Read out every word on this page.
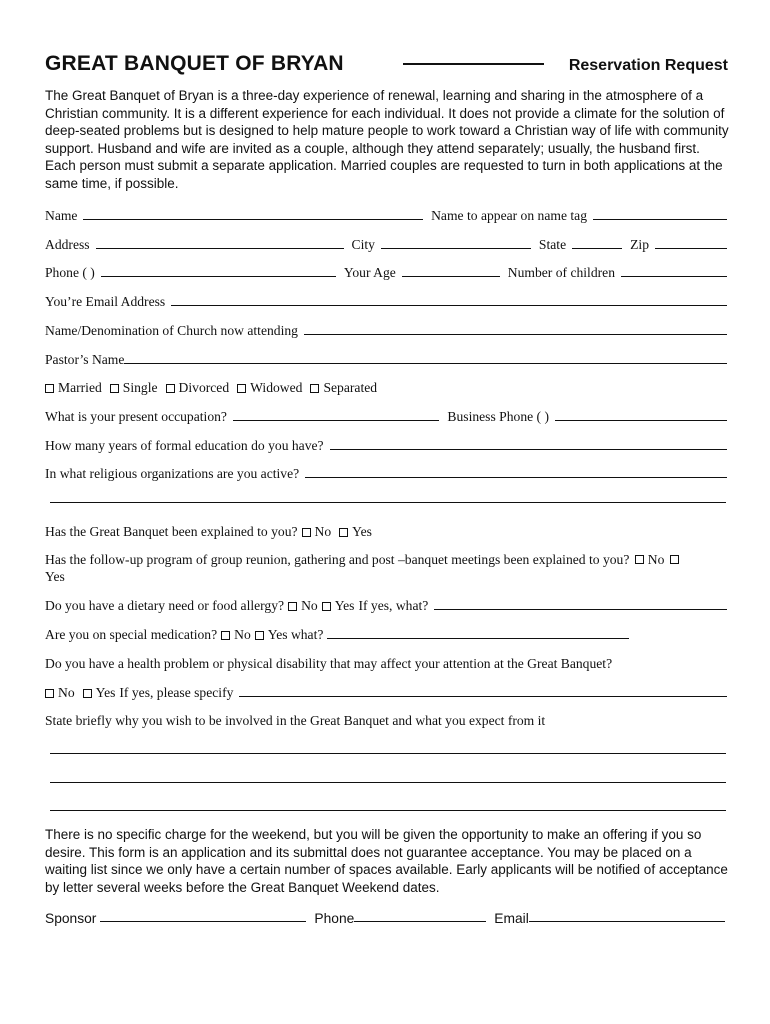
GREAT BANQUET OF BRYAN	Reservation Request

The Great Banquet of Bryan is a three-day experience of renewal, learning and sharing in the atmosphere of a Christian community. It is a different experience for each individual. It does not provide a climate for the solution of deep-seated problems but is designed to help mature people to work toward a Christian way of life with community support. Husband and wife are invited as a couple, although they attend separately; usually, the husband first. Each person must submit a separate application. Married couples are requested to turn in both applications at the same time, if possible.

Name	Name to appear on name tag
Address	City	State	Zip
Phone ( )	Your Age	Number of children
You’re Email Address
Name/Denomination of Church now attending
Pastor’s Name
Married Single Divorced Widowed Separated
What is your present occupation?	Business Phone ( )
How many years of formal education do you have?
In what religious organizations are you active?
Has the Great Banquet been explained to you? No Yes
Has the follow-up program of group reunion, gathering and post –banquet meetings been explained to you? No

Yes
Do you have a dietary need or food allergy? No Yes If yes, what?
Are you on special medication? No Yes what?
Do you have a health problem or physical disability that may affect your attention at the Great Banquet?
No Yes If yes, please specify
State briefly why you wish to be involved in the Great Banquet and what you expect from it

There is no specific charge for the weekend, but you will be given the opportunity to make an offering if you so desire. This form is an application and its submittal does not guarantee acceptance. You may be placed on a waiting list since we only have a certain number of spaces available. Early applicants will be notified of acceptance by letter several weeks before the Great Banquet Weekend dates.

Sponsor	Phone	Email
